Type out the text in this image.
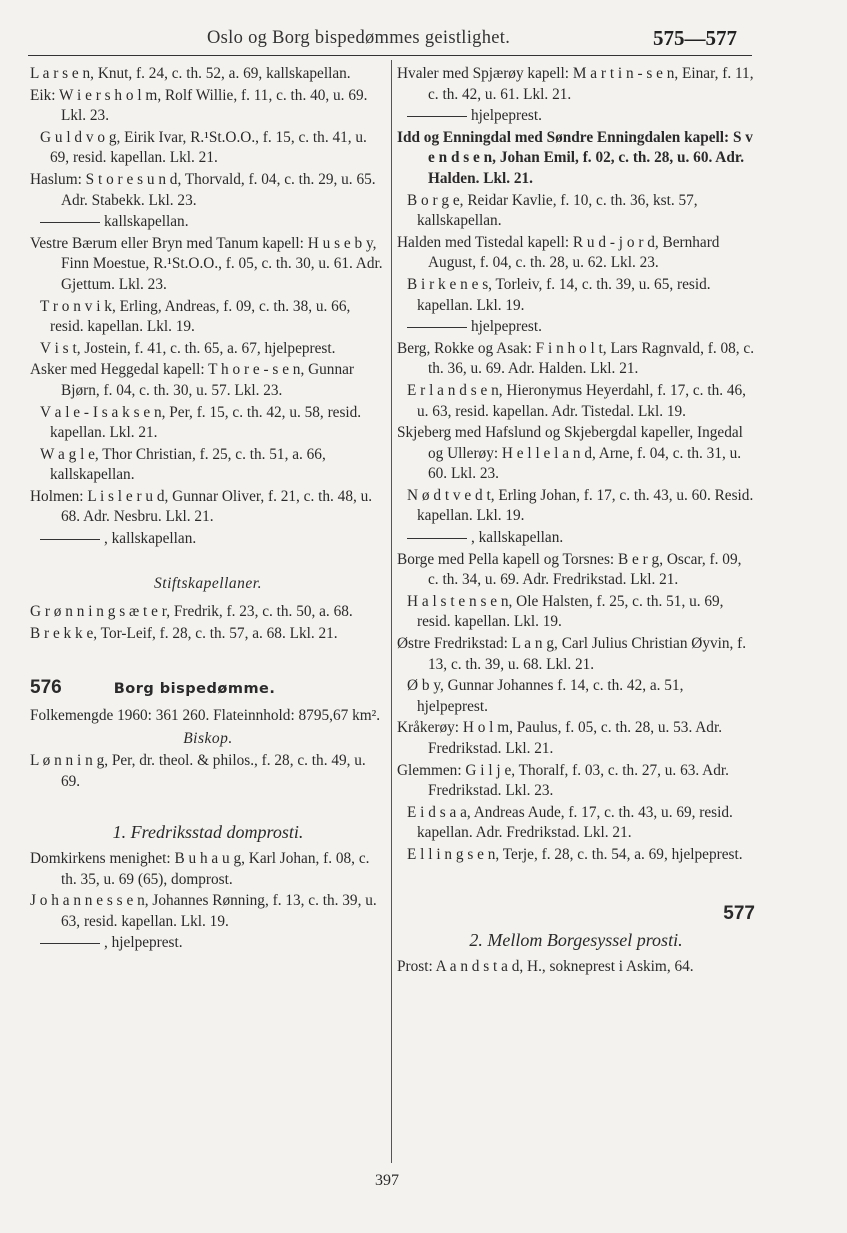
Oslo og Borg bispedømmes geistlighet.	575—577
L a r s e n, Knut, f. 24, c. th. 52, a. 69, kallskapellan.
Eik: W i e r s h o l m, Rolf Willie, f. 11, c. th. 40, u. 69. Lkl. 23.
G u l d v o g, Eirik Ivar, R.¹St.O.O., f. 15, c. th. 41, u. 69, resid. kapellan. Lkl. 21.
Haslum: S t o r e s u n d, Thorvald, f. 04, c. th. 29, u. 65. Adr. Stabekk. Lkl. 23.
kallskapellan.
Vestre Bærum eller Bryn med Tanum kapell: H u s e b y, Finn Moestue, R.¹St.O.O., f. 05, c. th. 30, u. 61. Adr. Gjettum. Lkl. 23.
T r o n v i k, Erling, Andreas, f. 09, c. th. 38, u. 66, resid. kapellan. Lkl. 19.
V i s t, Jostein, f. 41, c. th. 65, a. 67, hjelpeprest.
Asker med Heggedal kapell: T h o r e - s e n, Gunnar Bjørn, f. 04, c. th. 30, u. 57. Lkl. 23.
V a l e - I s a k s e n, Per, f. 15, c. th. 42, u. 58, resid. kapellan. Lkl. 21.
W a g l e, Thor Christian, f. 25, c. th. 51, a. 66, kallskapellan.
Holmen: L i s l e r u d, Gunnar Oliver, f. 21, c. th. 48, u. 68. Adr. Nesbru. Lkl. 21.
, kallskapellan.
Stiftskapellaner.
G r ø n n i n g s æ t e r, Fredrik, f. 23, c. th. 50, a. 68.
B r e k k e, Tor-Leif, f. 28, c. th. 57, a. 68. Lkl. 21.
576	Borg bispedømme.
Folkemengde 1960: 361 260. Flateinnhold: 8795,67 km².
Biskop.
L ø n n i n g, Per, dr. theol. & philos., f. 28, c. th. 49, u. 69.
1. Fredriksstad domprosti.
Domkirkens menighet: B u h a u g, Karl Johan, f. 08, c. th. 35, u. 69 (65), domprost.
J o h a n n e s s e n, Johannes Rønning, f. 13, c. th. 39, u. 63, resid. kapellan. Lkl. 19.
, hjelpeprest.
Hvaler med Spjærøy kapell: M a r t i n - s e n, Einar, f. 11, c. th. 42, u. 61. Lkl. 21.
hjelpeprest.
Idd og Enningdal med Søndre Enningdalen kapell: S v e n d s e n, Johan Emil, f. 02, c. th. 28, u. 60. Adr. Halden. Lkl. 21.
B o r g e, Reidar Kavlie, f. 10, c. th. 36, kst. 57, kallskapellan.
Halden med Tistedal kapell: R u d - j o r d, Bernhard August, f. 04, c. th. 28, u. 62. Lkl. 23.
B i r k e n e s, Torleiv, f. 14, c. th. 39, u. 65, resid. kapellan. Lkl. 19.
hjelpeprest.
Berg, Rokke og Asak: F i n h o l t, Lars Ragnvald, f. 08, c. th. 36, u. 69. Adr. Halden. Lkl. 21.
E r l a n d s e n, Hieronymus Heyerdahl, f. 17, c. th. 46, u. 63, resid. kapellan. Adr. Tistedal. Lkl. 19.
Skjeberg med Hafslund og Skjebergdal kapeller, Ingedal og Ullerøy: H e l l e l a n d, Arne, f. 04, c. th. 31, u. 60. Lkl. 23.
N ø d t v e d t, Erling Johan, f. 17, c. th. 43, u. 60. Resid. kapellan. Lkl. 19.
, kallskapellan.
Borge med Pella kapell og Torsnes: B e r g, Oscar, f. 09, c. th. 34, u. 69. Adr. Fredrikstad. Lkl. 21.
H a l s t e n s e n, Ole Halsten, f. 25, c. th. 51, u. 69, resid. kapellan. Lkl. 19.
Østre Fredrikstad: L a n g, Carl Julius Christian Øyvin, f. 13, c. th. 39, u. 68. Lkl. 21.
Ø b y, Gunnar Johannes f. 14, c. th. 42, a. 51, hjelpeprest.
Kråkerøy: H o l m, Paulus, f. 05, c. th. 28, u. 53. Adr. Fredrikstad. Lkl. 21.
Glemmen: G i l j e, Thoralf, f. 03, c. th. 27, u. 63. Adr. Fredrikstad. Lkl. 23.
E i d s a a, Andreas Aude, f. 17, c. th. 43, u. 69, resid. kapellan. Adr. Fredrikstad. Lkl. 21.
E l l i n g s e n, Terje, f. 28, c. th. 54, a. 69, hjelpeprest.
577
2. Mellom Borgesyssel prosti.
Prost: A a n d s t a d, H., sokneprest i Askim, 64.
397
